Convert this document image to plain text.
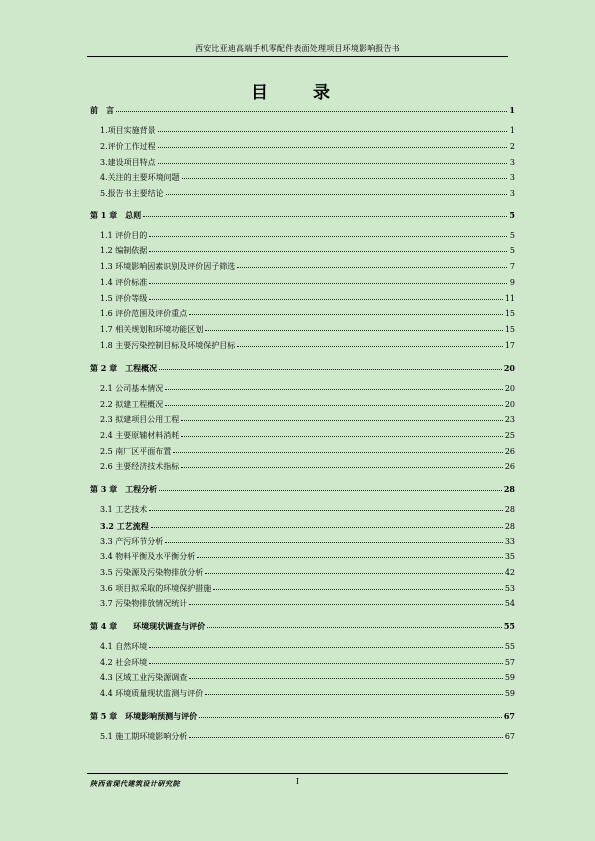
西安比亚迪高端手机零配件表面处理项目环境影响报告书
目　录
前　言	1
1.项目实施背景	1
2.评价工作过程	2
3.建设项目特点	3
4.关注的主要环境问题	3
5.报告书主要结论	3
第 1 章　总则	5
1.1 评价目的	5
1.2 编制依据	5
1.3 环境影响因素识别及评价因子筛选	7
1.4 评价标准	9
1.5 评价等级	11
1.6 评价范围及评价重点	15
1.7 相关规划和环境功能区划	15
1.8 主要污染控制目标及环境保护目标	17
第 2 章　工程概况	20
2.1 公司基本情况	20
2.2 拟建工程概况	20
2.3 拟建项目公用工程	23
2.4 主要原辅材料消耗	25
2.5 南厂区平面布置	26
2.6 主要经济技术指标	26
第 3 章　工程分析	28
3.1 工艺技术	28
3.2 工艺流程	28
3.3 产污环节分析	33
3.4 物料平衡及水平衡分析	35
3.5 污染源及污染物排放分析	42
3.6 项目拟采取的环境保护措施	53
3.7 污染物排放情况统计	54
第 4 章　　环境现状调查与评价	55
4.1 自然环境	55
4.2 社会环境	57
4.3 区域工业污染源调查	59
4.4 环境质量现状监测与评价	59
第 5 章　环境影响预测与评价	67
5.1 施工期环境影响分析	67
陕西省现代建筑设计研究院	I
